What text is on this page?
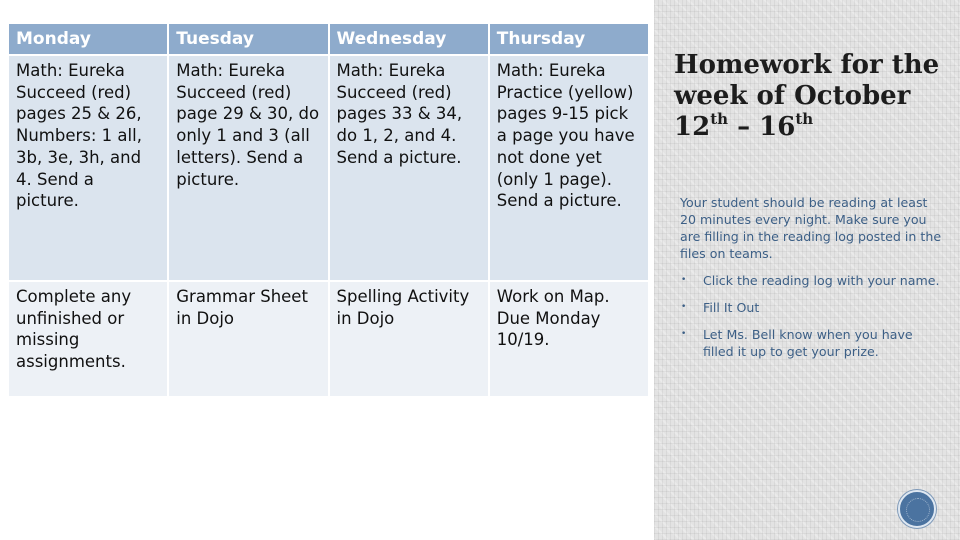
Monday	Tuesday	Wednesday	Thursday
Math: Eureka Succeed (red) pages 25 & 26, Numbers: 1 all, 3b, 3e, 3h, and 4. Send a picture.	Math: Eureka Succeed (red) page 29 & 30, do only 1 and 3 (all letters). Send a picture.	Math: Eureka Succeed (red) pages 33 & 34, do 1, 2, and 4. Send a picture.	Math: Eureka Practice (yellow) pages 9-15 pick a page you have not done yet (only 1 page). Send a picture.
Complete any unfinished or missing assignments.	Grammar Sheet in Dojo	Spelling Activity in Dojo	Work on Map. Due Monday 10/19.
Homework for the week of October
12th – 16th

Your student should be reading at least 20 minutes every night. Make sure you are filling in the reading log posted in the files on teams.

• Click the reading log with your name.
• Fill It Out
• Let Ms. Bell know when you have filled it up to get your prize.
